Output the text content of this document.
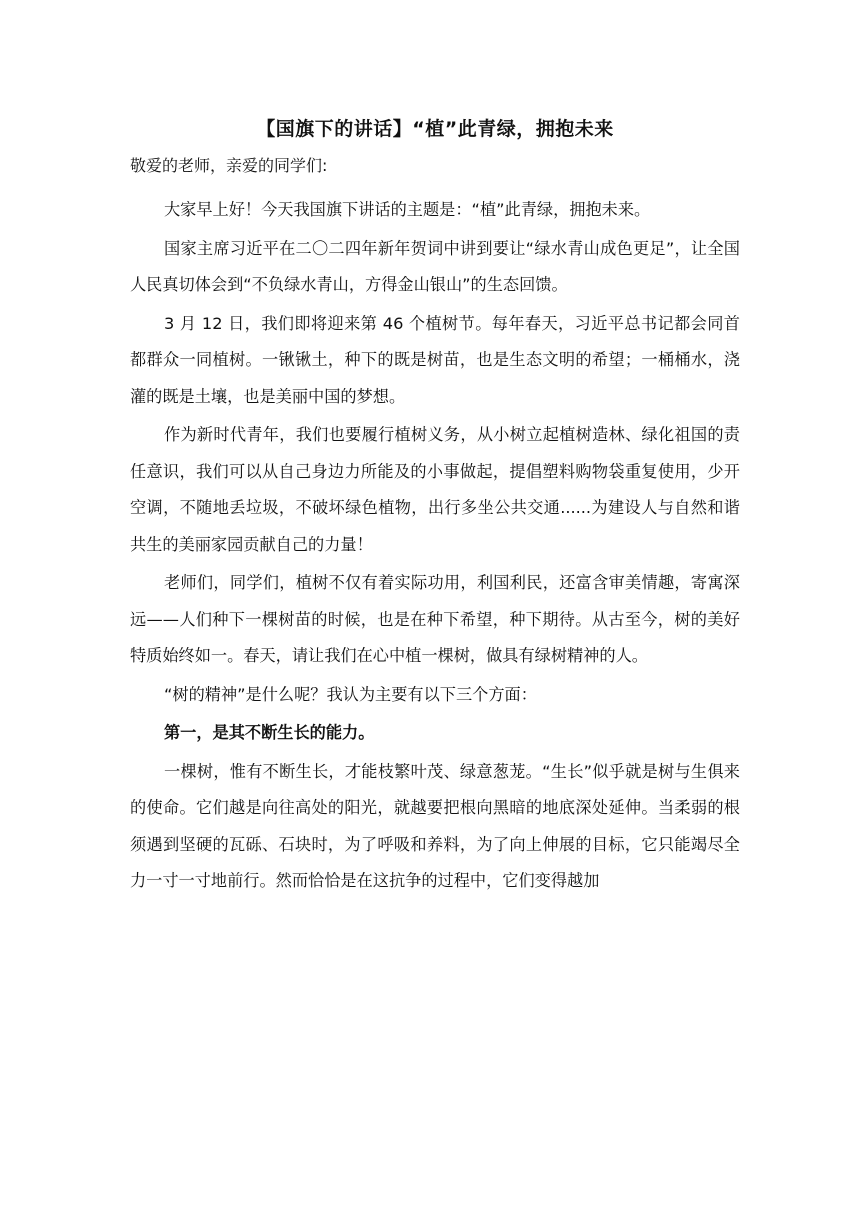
【国旗下的讲话】“植”此青绿，拥抱未来

敬爱的老师，亲爱的同学们:

大家早上好！今天我国旗下讲话的主题是：“植”此青绿，拥抱未来。

国家主席习近平在二〇二四年新年贺词中讲到要让“绿水青山成色更足”，让全国人民真切体会到“不负绿水青山，方得金山银山”的生态回馈。

3 月 12 日，我们即将迎来第 46 个植树节。每年春天，习近平总书记都会同首都群众一同植树。一锹锹土，种下的既是树苗，也是生态文明的希望；一桶桶水，浇灌的既是土壤，也是美丽中国的梦想。

作为新时代青年，我们也要履行植树义务，从小树立起植树造林、绿化祖国的责任意识，我们可以从自己身边力所能及的小事做起，提倡塑料购物袋重复使用，少开空调，不随地丢垃圾，不破坏绿色植物，出行多坐公共交通......为建设人与自然和谐共生的美丽家园贡献自己的力量！

老师们，同学们，植树不仅有着实际功用，利国利民，还富含审美情趣，寄寓深远——人们种下一棵树苗的时候，也是在种下希望，种下期待。从古至今，树的美好特质始终如一。春天，请让我们在心中植一棵树，做具有绿树精神的人。

“树的精神”是什么呢？我认为主要有以下三个方面：

第一，是其不断生长的能力。

一棵树，惟有不断生长，才能枝繁叶茂、绿意葱茏。“生长”似乎就是树与生俱来的使命。它们越是向往高处的阳光，就越要把根向黑暗的地底深处延伸。当柔弱的根须遇到坚硬的瓦砾、石块时，为了呼吸和养料，为了向上伸展的目标，它只能竭尽全力一寸一寸地前行。然而恰恰是在这抗争的过程中，它们变得越加
